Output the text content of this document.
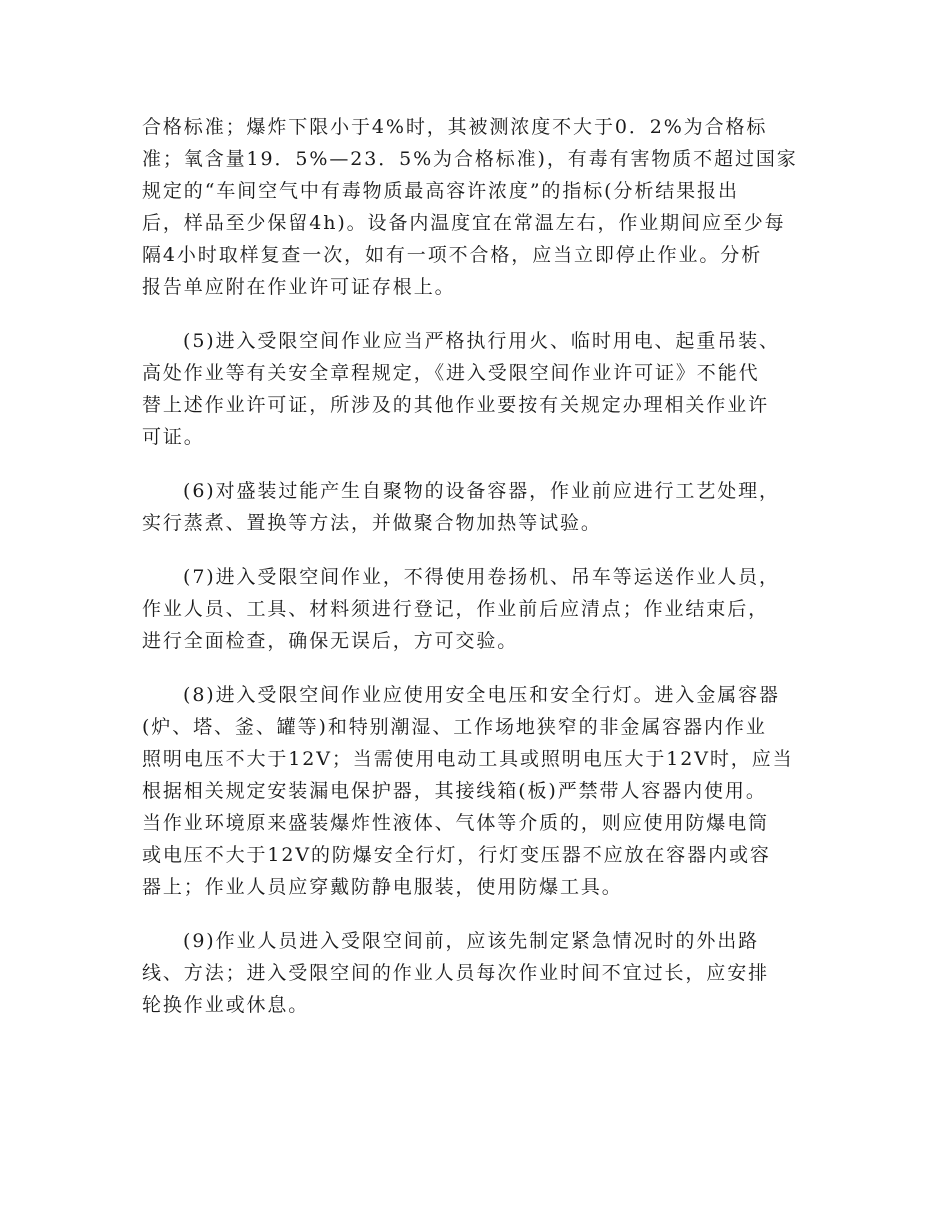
合格标准；爆炸下限小于4%时，其被测浓度不大于0．2%为合格标
准；氧含量19．5%—23．5%为合格标准)，有毒有害物质不超过国家
规定的“车间空气中有毒物质最高容许浓度”的指标(分析结果报出
后，样品至少保留4h)。设备内温度宜在常温左右，作业期间应至少每
隔4小时取样复查一次，如有一项不合格，应当立即停止作业。分析
报告单应附在作业许可证存根上。
(5)进入受限空间作业应当严格执行用火、临时用电、起重吊装、
高处作业等有关安全章程规定，《进入受限空间作业许可证》不能代
替上述作业许可证，所涉及的其他作业要按有关规定办理相关作业许
可证。
(6)对盛装过能产生自聚物的设备容器，作业前应进行工艺处理，
实行蒸煮、置换等方法，并做聚合物加热等试验。
(7)进入受限空间作业，不得使用卷扬机、吊车等运送作业人员，
作业人员、工具、材料须进行登记，作业前后应清点；作业结束后，
进行全面检查，确保无误后，方可交验。
(8)进入受限空间作业应使用安全电压和安全行灯。进入金属容器
(炉、塔、釜、罐等)和特别潮湿、工作场地狭窄的非金属容器内作业
照明电压不大于12V；当需使用电动工具或照明电压大于12V时，应当
根据相关规定安装漏电保护器，其接线箱(板)严禁带人容器内使用。
当作业环境原来盛装爆炸性液体、气体等介质的，则应使用防爆电筒
或电压不大于12V的防爆安全行灯，行灯变压器不应放在容器内或容
器上；作业人员应穿戴防静电服装，使用防爆工具。
(9)作业人员进入受限空间前，应该先制定紧急情况时的外出路
线、方法；进入受限空间的作业人员每次作业时间不宜过长，应安排
轮换作业或休息。
